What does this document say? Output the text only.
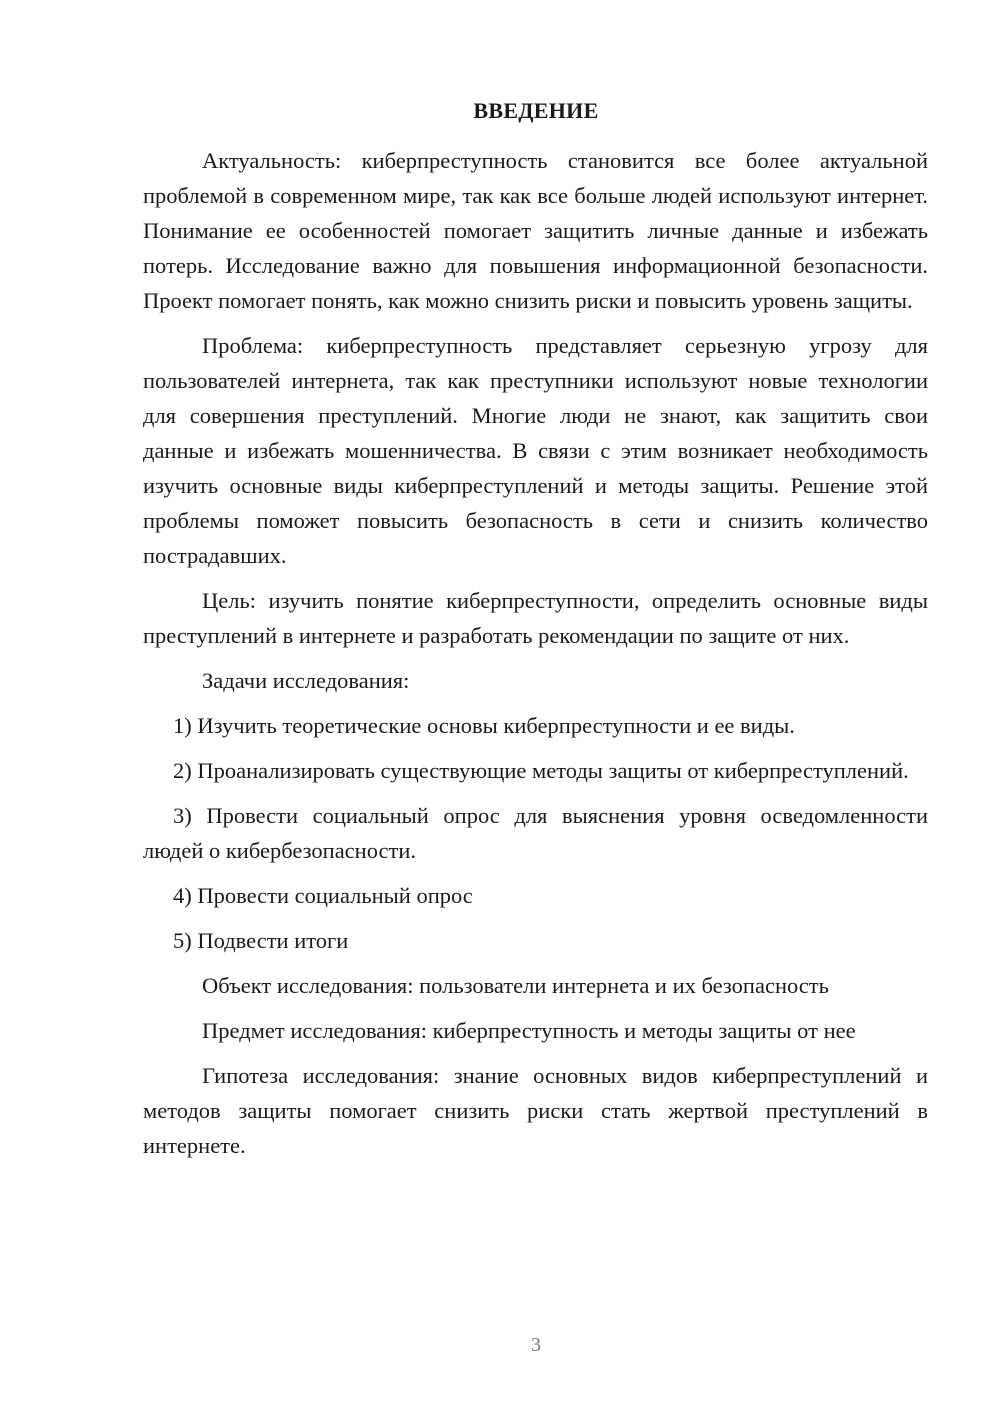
ВВЕДЕНИЕ

Актуальность: киберпреступность становится все более актуальной проблемой в современном мире, так как все больше людей используют интернет. Понимание ее особенностей помогает защитить личные данные и избежать потерь. Исследование важно для повышения информационной безопасности. Проект помогает понять, как можно снизить риски и повысить уровень защиты.

Проблема: киберпреступность представляет серьезную угрозу для пользователей интернета, так как преступники используют новые технологии для совершения преступлений. Многие люди не знают, как защитить свои данные и избежать мошенничества. В связи с этим возникает необходимость изучить основные виды киберпреступлений и методы защиты. Решение этой проблемы поможет повысить безопасность в сети и снизить количество пострадавших.

Цель: изучить понятие киберпреступности, определить основные виды преступлений в интернете и разработать рекомендации по защите от них.

Задачи исследования:

1) Изучить теоретические основы киберпреступности и ее виды.

2) Проанализировать существующие методы защиты от киберпреступлений.

3) Провести социальный опрос для выяснения уровня осведомленности людей о кибербезопасности.

4) Провести социальный опрос

5) Подвести итоги

Объект исследования: пользователи интернета и их безопасность

Предмет исследования: киберпреступность и методы защиты от нее

Гипотеза исследования: знание основных видов киберпреступлений и методов защиты помогает снизить риски стать жертвой преступлений в интернете.

3
